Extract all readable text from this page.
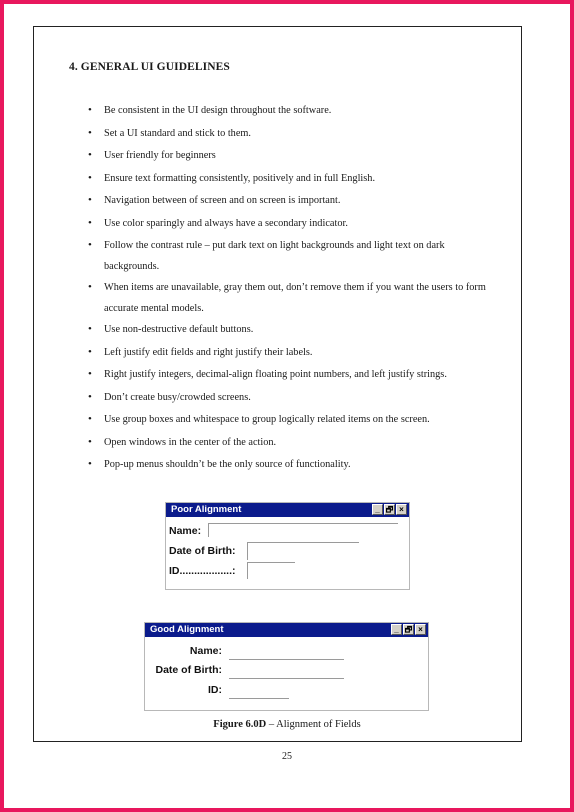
4. GENERAL UI GUIDELINES
• Be consistent in the UI design throughout the software.
• Set a UI standard and stick to them.
• User friendly for beginners
• Ensure text formatting consistently, positively and in full English.
• Navigation between of screen and on screen is important.
• Use color sparingly and always have a secondary indicator.
• Follow the contrast rule – put dark text on light backgrounds and light text on dark backgrounds.
• When items are unavailable, gray them out, don’t remove them if you want the users to form accurate mental models.
• Use non-destructive default buttons.
• Left justify edit fields and right justify their labels.
• Right justify integers, decimal-align floating point numbers, and left justify strings.
• Don’t create busy/crowded screens.
• Use group boxes and whitespace to group logically related items on the screen.
• Open windows in the center of the action.
• Pop-up menus shouldn’t be the only source of functionality.
Poor Alignment	_ 🗗 ×
Name:
Date of Birth:
ID..................:
Good Alignment	_ 🗗 ×
Name:
Date of Birth:
ID:
Figure 6.0D – Alignment of Fields
25
